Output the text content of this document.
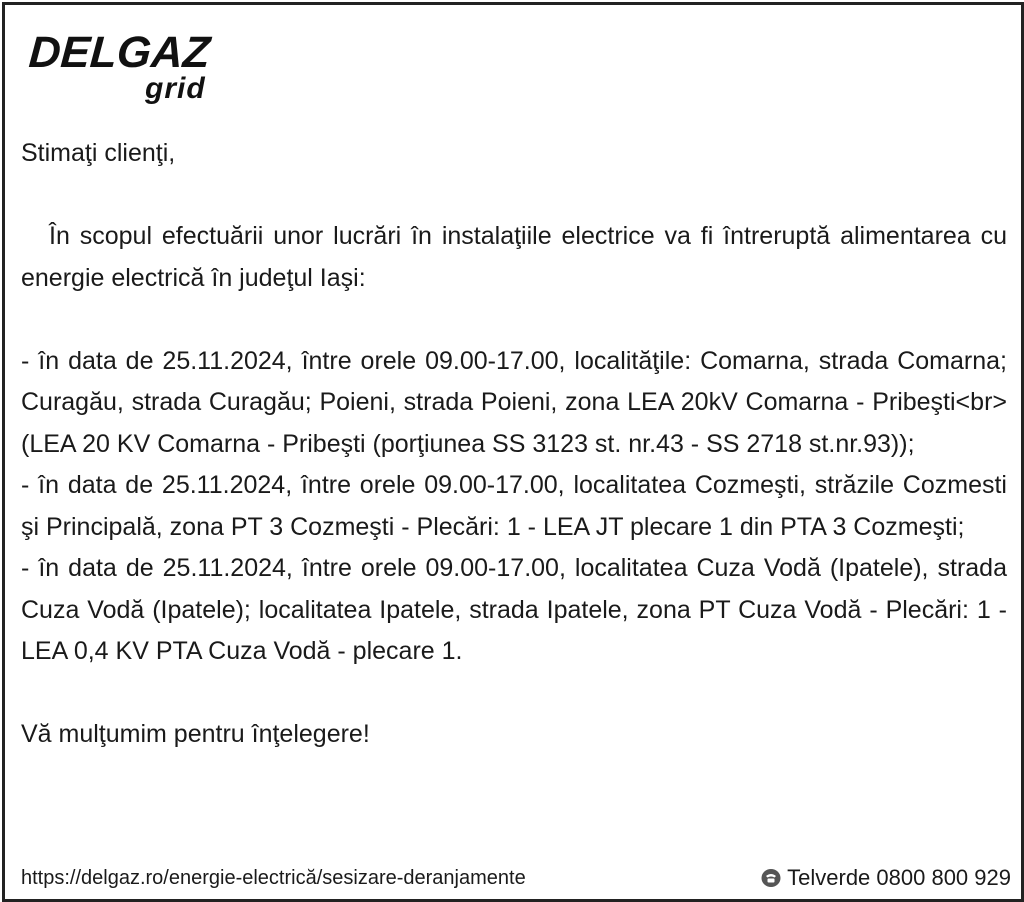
DELGAZ
grid

Stimaţi clienţi,

În scopul efectuării unor lucrări în instalaţiile electrice va fi întreruptă alimentarea cu energie electrică în judeţul Iaşi:

- în data de 25.11.2024, între orele 09.00-17.00, localităţile: Comarna, strada Comarna; Curagău, strada Curagău; Poieni, strada Poieni, zona LEA 20kV Comarna - Pribeşti<br>(LEA 20 KV Comarna - Pribeşti (porţiunea SS 3123 st. nr.43 - SS 2718 st.nr.93));

- în data de 25.11.2024, între orele 09.00-17.00, localitatea Cozmeşti, străzile Cozmesti şi Principală, zona PT 3 Cozmeşti - Plecări: 1 - LEA JT plecare 1 din PTA 3 Cozmeşti;

- în data de 25.11.2024, între orele 09.00-17.00, localitatea Cuza Vodă (Ipatele), strada Cuza Vodă (Ipatele); localitatea Ipatele, strada Ipatele, zona PT Cuza Vodă - Plecări: 1 - LEA 0,4 KV PTA Cuza Vodă - plecare 1.

Vă mulţumim pentru înţelegere!

https://delgaz.ro/energie-electrică/sesizare-deranjamente	Telverde 0800 800 929
